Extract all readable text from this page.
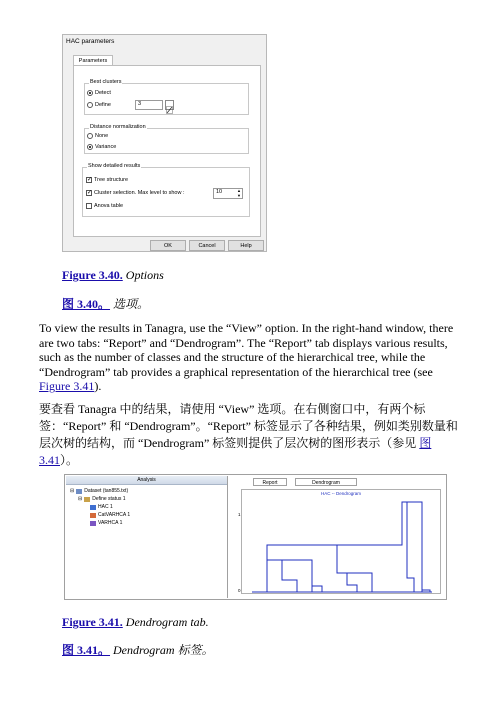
HAC parameters
Parameters
Best clusters
Detect
Define	3
Distance normalization
None
Variance
Show detailed results
✓ Tree structure
✓ Cluster selection. Max level to show :	10	▲
▼
Anova table
OK	Cancel	Help
Figure 3.40. Options
图 3.40。 选项。
To view the results in Tanagra, use the “View” option. In the right-hand window, there
are two tabs: “Report” and “Dendrogram”. The “Report” tab displays various results,
such as the number of classes and the structure of the hierarchical tree, while the
“Dendrogram” tab provides a graphical representation of the hierarchical tree (see
Figure 3.41).
要查看 Tanagra 中的结果，请使用 “View” 选项。在右侧窗口中，有两个标
签：“Report” 和 “Dendrogram”。“Report” 标签显示了各种结果，例如类别数量和
层次树的结构，而 “Dendrogram” 标签则提供了层次树的图形表示（参见 图
3.41）。
Analysis
⊟ Dataset (tan855.txt)
⊟ Define status 1
HAC 1
CatVARHCA 1
VARHCA 1
Report	Dendrogram
HAC -- Dendrogram
1
0
Figure 3.41. Dendrogram tab.
图 3.41。 Dendrogram 标签。
